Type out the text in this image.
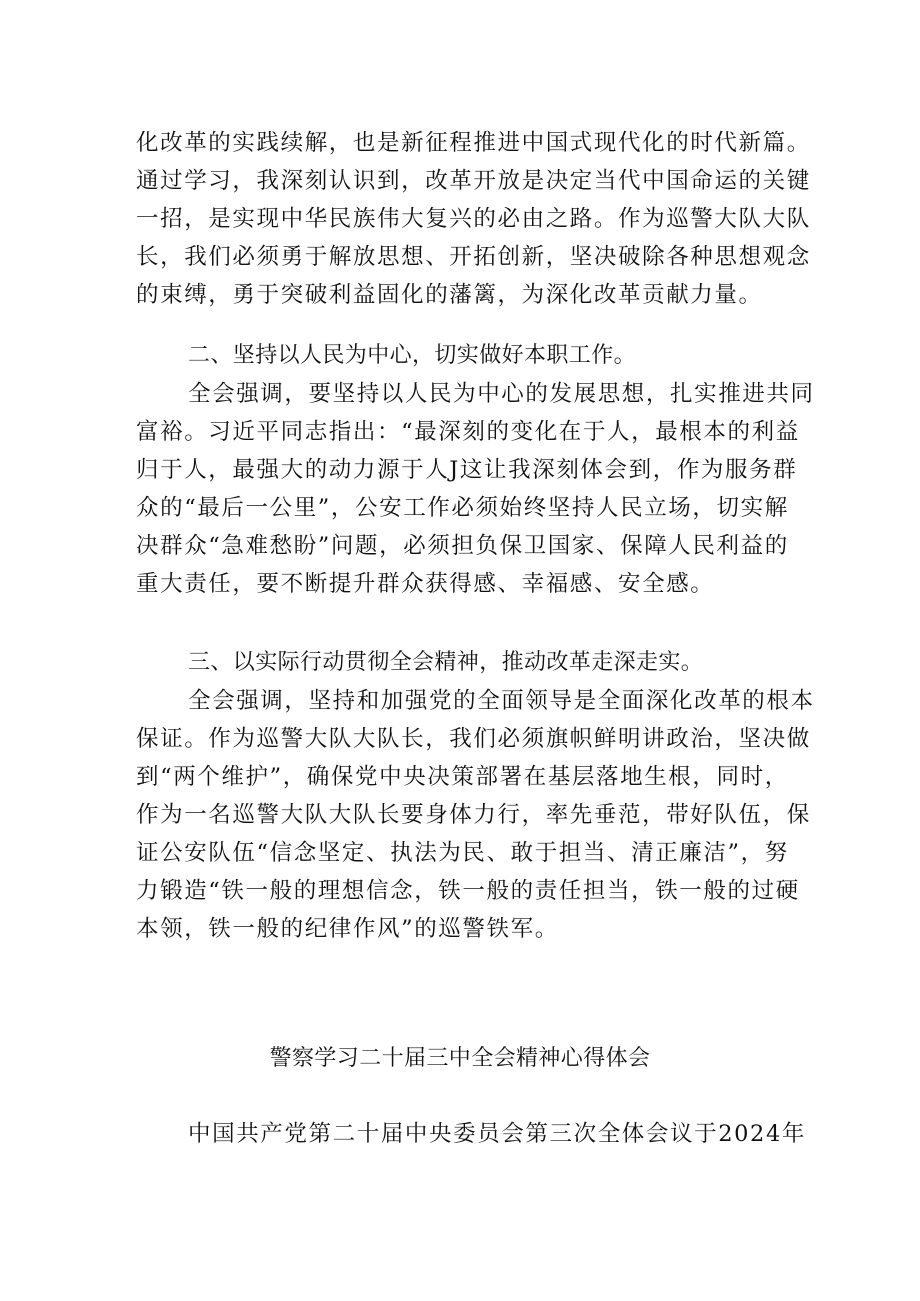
化改革的实践续解，也是新征程推进中国式现代化的时代新篇。
通过学习，我深刻认识到，改革开放是决定当代中国命运的关键
一招，是实现中华民族伟大复兴的必由之路。作为巡警大队大队
长，我们必须勇于解放思想、开拓创新，坚决破除各种思想观念
的束缚，勇于突破利益固化的藩篱，为深化改革贡献力量。
二、坚持以人民为中心，切实做好本职工作。
全会强调，要坚持以人民为中心的发展思想，扎实推进共同
富裕。习近平同志指出：“最深刻的变化在于人，最根本的利益
归于人，最强大的动力源于人J这让我深刻体会到，作为服务群
众的“最后一公里”，公安工作必须始终坚持人民立场，切实解
决群众“急难愁盼”问题，必须担负保卫国家、保障人民利益的
重大责任，要不断提升群众获得感、幸福感、安全感。
三、以实际行动贯彻全会精神，推动改革走深走实。
全会强调，坚持和加强党的全面领导是全面深化改革的根本
保证。作为巡警大队大队长，我们必须旗帜鲜明讲政治，坚决做
到“两个维护”，确保党中央决策部署在基层落地生根，同时，
作为一名巡警大队大队长要身体力行，率先垂范，带好队伍，保
证公安队伍“信念坚定、执法为民、敢于担当、清正廉洁”，努
力锻造“铁一般的理想信念，铁一般的责任担当，铁一般的过硬
本领，铁一般的纪律作风”的巡警铁军。
警察学习二十届三中全会精神心得体会
中国共产党第二十届中央委员会第三次全体会议于2024年
